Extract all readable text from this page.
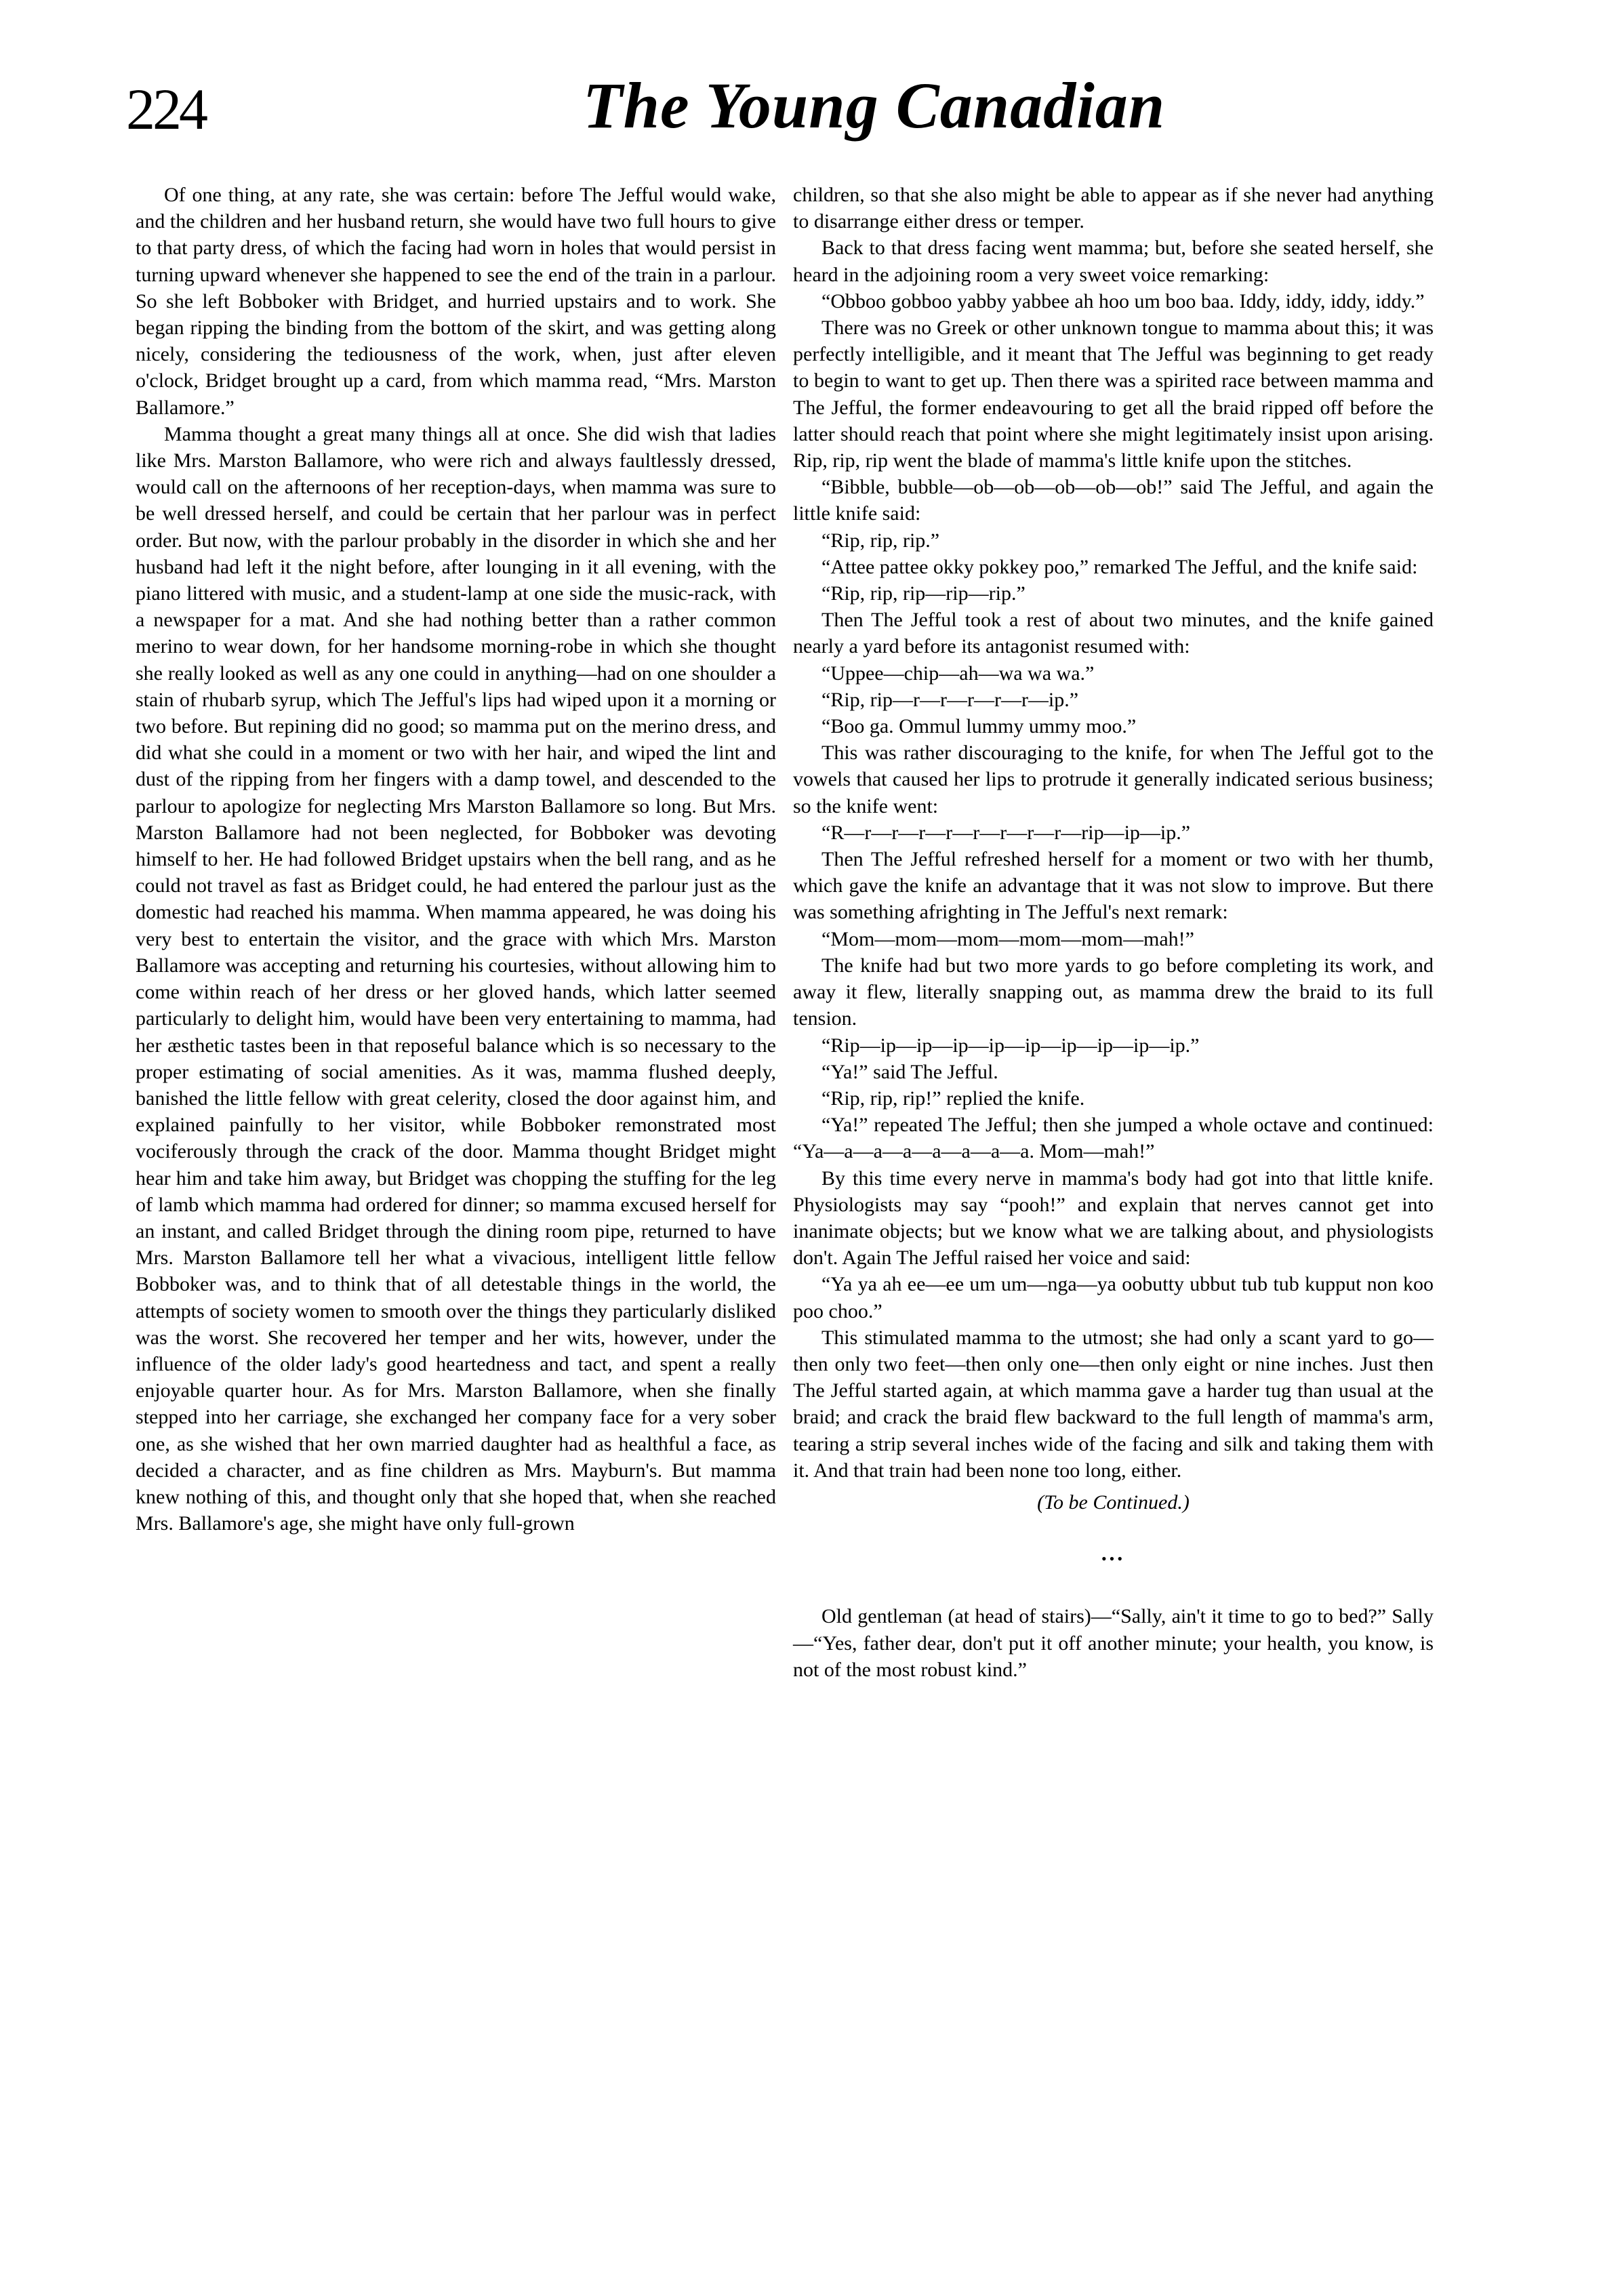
224	The Young Canadian

Of one thing, at any rate, she was certain: before The Jefful would wake, and the children and her husband return, she would have two full hours to give to that party dress, of which the facing had worn in holes that would persist in turning upward whenever she happened to see the end of the train in a parlour. So she left Bobboker with Bridget, and hurried upstairs and to work. She began ripping the binding from the bottom of the skirt, and was getting along nicely, considering the tediousness of the work, when, just after eleven o'clock, Bridget brought up a card, from which mamma read, “Mrs. Marston Ballamore.”

Mamma thought a great many things all at once. She did wish that ladies like Mrs. Marston Ballamore, who were rich and always faultlessly dressed, would call on the afternoons of her reception-days, when mamma was sure to be well dressed herself, and could be certain that her parlour was in perfect order. But now, with the parlour probably in the disorder in which she and her husband had left it the night before, after lounging in it all evening, with the piano littered with music, and a student-lamp at one side the music-rack, with a newspaper for a mat. And she had nothing better than a rather common merino to wear down, for her handsome morning-robe in which she thought she really looked as well as any one could in anything—had on one shoulder a stain of rhubarb syrup, which The Jefful's lips had wiped upon it a morning or two before. But repining did no good; so mamma put on the merino dress, and did what she could in a moment or two with her hair, and wiped the lint and dust of the ripping from her fingers with a damp towel, and descended to the parlour to apologize for neglecting Mrs Marston Ballamore so long. But Mrs. Marston Ballamore had not been neglected, for Bobboker was devoting himself to her. He had followed Bridget upstairs when the bell rang, and as he could not travel as fast as Bridget could, he had entered the parlour just as the domestic had reached his mamma. When mamma appeared, he was doing his very best to entertain the visitor, and the grace with which Mrs. Marston Ballamore was accepting and returning his courtesies, without allowing him to come within reach of her dress or her gloved hands, which latter seemed particularly to delight him, would have been very entertaining to mamma, had her æsthetic tastes been in that reposeful balance which is so necessary to the proper estimating of social amenities. As it was, mamma flushed deeply, banished the little fellow with great celerity, closed the door against him, and explained painfully to her visitor, while Bobboker remonstrated most vociferously through the crack of the door. Mamma thought Bridget might hear him and take him away, but Bridget was chopping the stuffing for the leg of lamb which mamma had ordered for dinner; so mamma excused herself for an instant, and called Bridget through the dining room pipe, returned to have Mrs. Marston Ballamore tell her what a vivacious, intelligent little fellow Bobboker was, and to think that of all detestable things in the world, the attempts of society women to smooth over the things they particularly disliked was the worst. She recovered her temper and her wits, however, under the influence of the older lady's good heartedness and tact, and spent a really enjoyable quarter hour. As for Mrs. Marston Ballamore, when she finally stepped into her carriage, she exchanged her company face for a very sober one, as she wished that her own married daughter had as healthful a face, as decided a character, and as fine children as Mrs. Mayburn's. But mamma knew nothing of this, and thought only that she hoped that, when she reached Mrs. Ballamore's age, she might have only full-grown

children, so that she also might be able to appear as if she never had anything to disarrange either dress or temper.

Back to that dress facing went mamma; but, before she seated herself, she heard in the adjoining room a very sweet voice remarking:

“Obboo gobboo yabby yabbee ah hoo um boo baa. Iddy, iddy, iddy, iddy.”

There was no Greek or other unknown tongue to mamma about this; it was perfectly intelligible, and it meant that The Jefful was beginning to get ready to begin to want to get up. Then there was a spirited race between mamma and The Jefful, the former endeavouring to get all the braid ripped off before the latter should reach that point where she might legitimately insist upon arising. Rip, rip, rip went the blade of mamma's little knife upon the stitches.

“Bibble, bubble—ob—ob—ob—ob—ob!” said The Jefful, and again the little knife said:

“Rip, rip, rip.”

“Attee pattee okky pokkey poo,” remarked The Jefful, and the knife said:

“Rip, rip, rip—rip—rip.”

Then The Jefful took a rest of about two minutes, and the knife gained nearly a yard before its antagonist resumed with:

“Uppee—chip—ah—wa wa wa.”

“Rip, rip—r—r—r—r—r—ip.”

“Boo ga. Ommul lummy ummy moo.”

This was rather discouraging to the knife, for when The Jefful got to the vowels that caused her lips to protrude it generally indicated serious business; so the knife went:

“R—r—r—r—r—r—r—r—r—rip—ip—ip.”

Then The Jefful refreshed herself for a moment or two with her thumb, which gave the knife an advantage that it was not slow to improve. But there was something afrighting in The Jefful's next remark:

“Mom—mom—mom—mom—mom—mah!”

The knife had but two more yards to go before completing its work, and away it flew, literally snapping out, as mamma drew the braid to its full tension.

“Rip—ip—ip—ip—ip—ip—ip—ip—ip—ip.”

“Ya!” said The Jefful.

“Rip, rip, rip!” replied the knife.

“Ya!” repeated The Jefful; then she jumped a whole octave and continued: “Ya—a—a—a—a—a—a—a. Mom—mah!”

By this time every nerve in mamma's body had got into that little knife. Physiologists may say “pooh!” and explain that nerves cannot get into inanimate objects; but we know what we are talking about, and physiologists don't. Again The Jefful raised her voice and said:

“Ya ya ah ee—ee um um—nga—ya oobutty ubbut tub tub kupput non koo poo choo.”

This stimulated mamma to the utmost; she had only a scant yard to go—then only two feet—then only one—then only eight or nine inches. Just then The Jefful started again, at which mamma gave a harder tug than usual at the braid; and crack the braid flew backward to the full length of mamma's arm, tearing a strip several inches wide of the facing and silk and taking them with it. And that train had been none too long, either.

(To be Continued.)
•••

Old gentleman (at head of stairs)—“Sally, ain't it time to go to bed?” Sally—“Yes, father dear, don't put it off another minute; your health, you know, is not of the most robust kind.”
